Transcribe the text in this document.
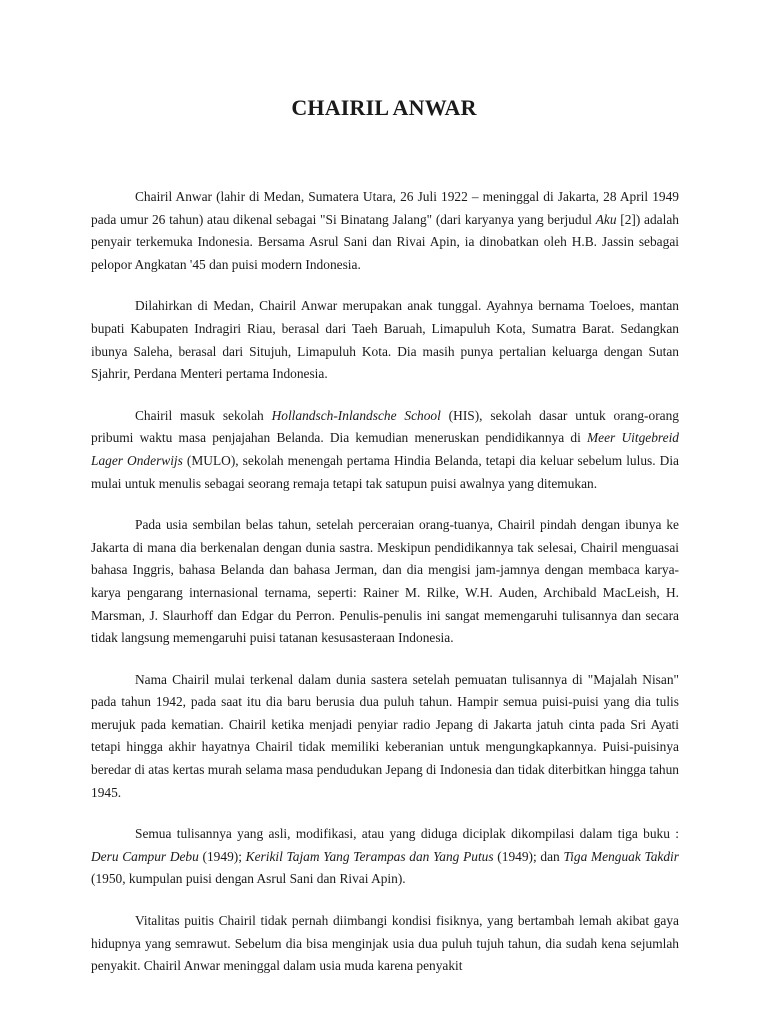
CHAIRIL ANWAR

Chairil Anwar (lahir di Medan, Sumatera Utara, 26 Juli 1922 – meninggal di Jakarta, 28 April 1949 pada umur 26 tahun) atau dikenal sebagai "Si Binatang Jalang" (dari karyanya yang berjudul Aku [2]) adalah penyair terkemuka Indonesia. Bersama Asrul Sani dan Rivai Apin, ia dinobatkan oleh H.B. Jassin sebagai pelopor Angkatan '45 dan puisi modern Indonesia.

Dilahirkan di Medan, Chairil Anwar merupakan anak tunggal. Ayahnya bernama Toeloes, mantan bupati Kabupaten Indragiri Riau, berasal dari Taeh Baruah, Limapuluh Kota, Sumatra Barat. Sedangkan ibunya Saleha, berasal dari Situjuh, Limapuluh Kota. Dia masih punya pertalian keluarga dengan Sutan Sjahrir, Perdana Menteri pertama Indonesia.

Chairil masuk sekolah Hollandsch-Inlandsche School (HIS), sekolah dasar untuk orang-orang pribumi waktu masa penjajahan Belanda. Dia kemudian meneruskan pendidikannya di Meer Uitgebreid Lager Onderwijs (MULO), sekolah menengah pertama Hindia Belanda, tetapi dia keluar sebelum lulus. Dia mulai untuk menulis sebagai seorang remaja tetapi tak satupun puisi awalnya yang ditemukan.

Pada usia sembilan belas tahun, setelah perceraian orang-tuanya, Chairil pindah dengan ibunya ke Jakarta di mana dia berkenalan dengan dunia sastra. Meskipun pendidikannya tak selesai, Chairil menguasai bahasa Inggris, bahasa Belanda dan bahasa Jerman, dan dia mengisi jam-jamnya dengan membaca karya-karya pengarang internasional ternama, seperti: Rainer M. Rilke, W.H. Auden, Archibald MacLeish, H. Marsman, J. Slaurhoff dan Edgar du Perron. Penulis-penulis ini sangat memengaruhi tulisannya dan secara tidak langsung memengaruhi puisi tatanan kesusasteraan Indonesia.

Nama Chairil mulai terkenal dalam dunia sastera setelah pemuatan tulisannya di "Majalah Nisan" pada tahun 1942, pada saat itu dia baru berusia dua puluh tahun. Hampir semua puisi-puisi yang dia tulis merujuk pada kematian. Chairil ketika menjadi penyiar radio Jepang di Jakarta jatuh cinta pada Sri Ayati tetapi hingga akhir hayatnya Chairil tidak memiliki keberanian untuk mengungkapkannya. Puisi-puisinya beredar di atas kertas murah selama masa pendudukan Jepang di Indonesia dan tidak diterbitkan hingga tahun 1945.

Semua tulisannya yang asli, modifikasi, atau yang diduga diciplak dikompilasi dalam tiga buku : Deru Campur Debu (1949); Kerikil Tajam Yang Terampas dan Yang Putus (1949); dan Tiga Menguak Takdir (1950, kumpulan puisi dengan Asrul Sani dan Rivai Apin).

Vitalitas puitis Chairil tidak pernah diimbangi kondisi fisiknya, yang bertambah lemah akibat gaya hidupnya yang semrawut. Sebelum dia bisa menginjak usia dua puluh tujuh tahun, dia sudah kena sejumlah penyakit. Chairil Anwar meninggal dalam usia muda karena penyakit
